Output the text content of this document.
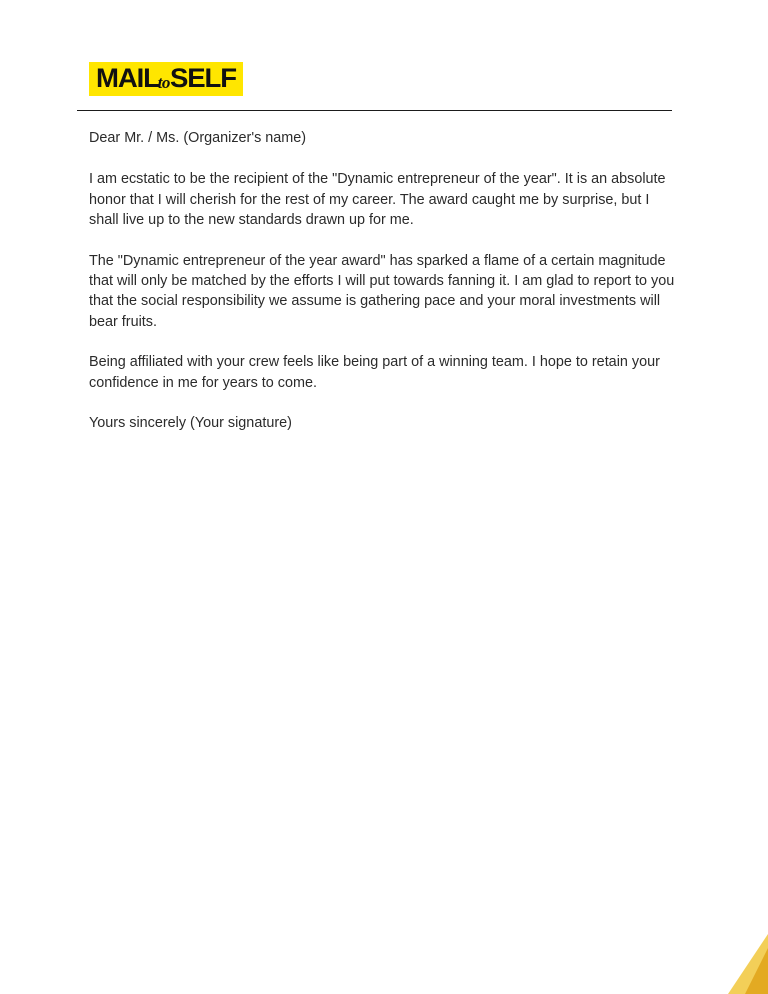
MAILtoSELF

Dear Mr. / Ms. (Organizer's name)

I am ecstatic to be the recipient of the "Dynamic entrepreneur of the year". It is an absolute honor that I will cherish for the rest of my career. The award caught me by surprise, but I shall live up to the new standards drawn up for me.

The "Dynamic entrepreneur of the year award" has sparked a flame of a certain magnitude that will only be matched by the efforts I will put towards fanning it. I am glad to report to you that the social responsibility we assume is gathering pace and your moral investments will bear fruits.

Being affiliated with your crew feels like being part of a winning team. I hope to retain your confidence in me for years to come.

Yours sincerely (Your signature)
